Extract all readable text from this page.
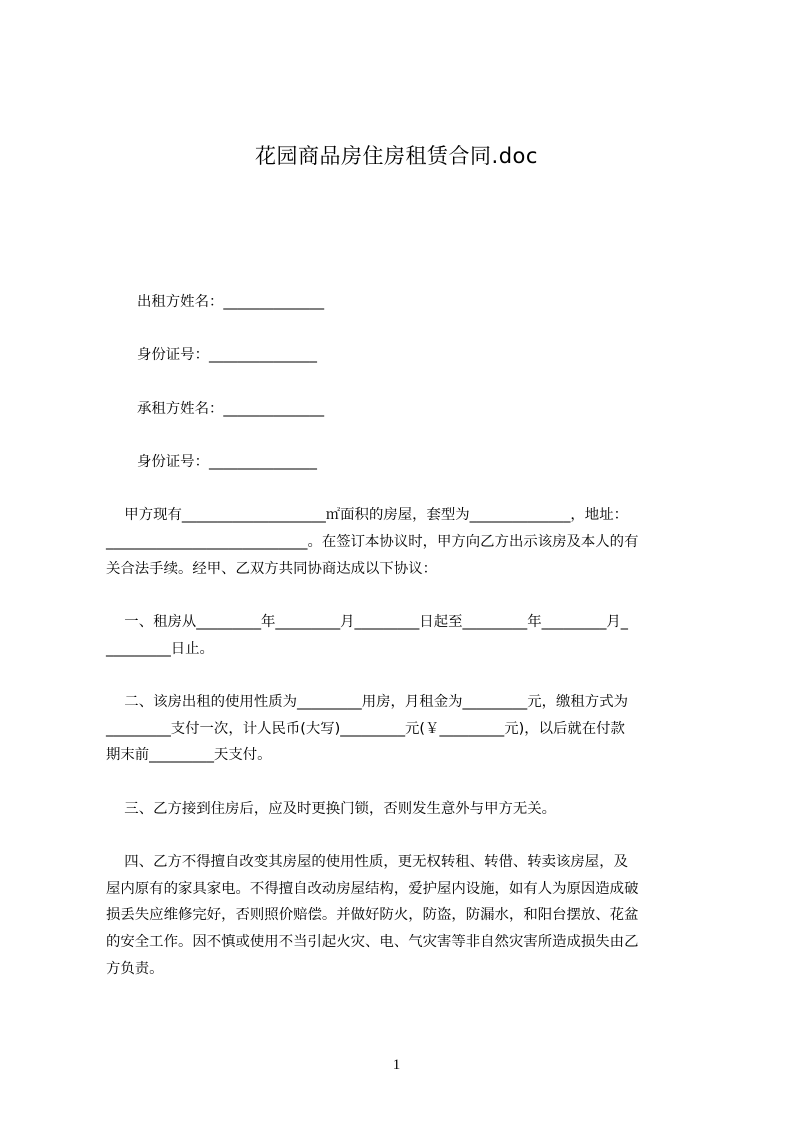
花园商品房住房租赁合同.doc
出租方姓名：______________
身份证号：_______________
承租方姓名：______________
身份证号：_______________
甲方现有____________________㎡面积的房屋，套型为______________，地址：
____________________________。在签订本协议时，甲方向乙方出示该房及本人的有
关合法手续。经甲、乙双方共同协商达成以下协议：
一、租房从_________年_________月_________日起至_________年_________月_
_________日止。
二、该房出租的使用性质为_________用房，月租金为_________元，缴租方式为
_________支付一次，计人民币(大写)_________元(￥_________元)，以后就在付款
期末前_________天支付。
三、乙方接到住房后，应及时更换门锁，否则发生意外与甲方无关。
四、乙方不得擅自改变其房屋的使用性质，更无权转租、转借、转卖该房屋，及
屋内原有的家具家电。不得擅自改动房屋结构，爱护屋内设施，如有人为原因造成破
损丢失应维修完好，否则照价赔偿。并做好防火，防盗，防漏水，和阳台摆放、花盆
的安全工作。因不慎或使用不当引起火灾、电、气灾害等非自然灾害所造成损失由乙
方负责。
1
